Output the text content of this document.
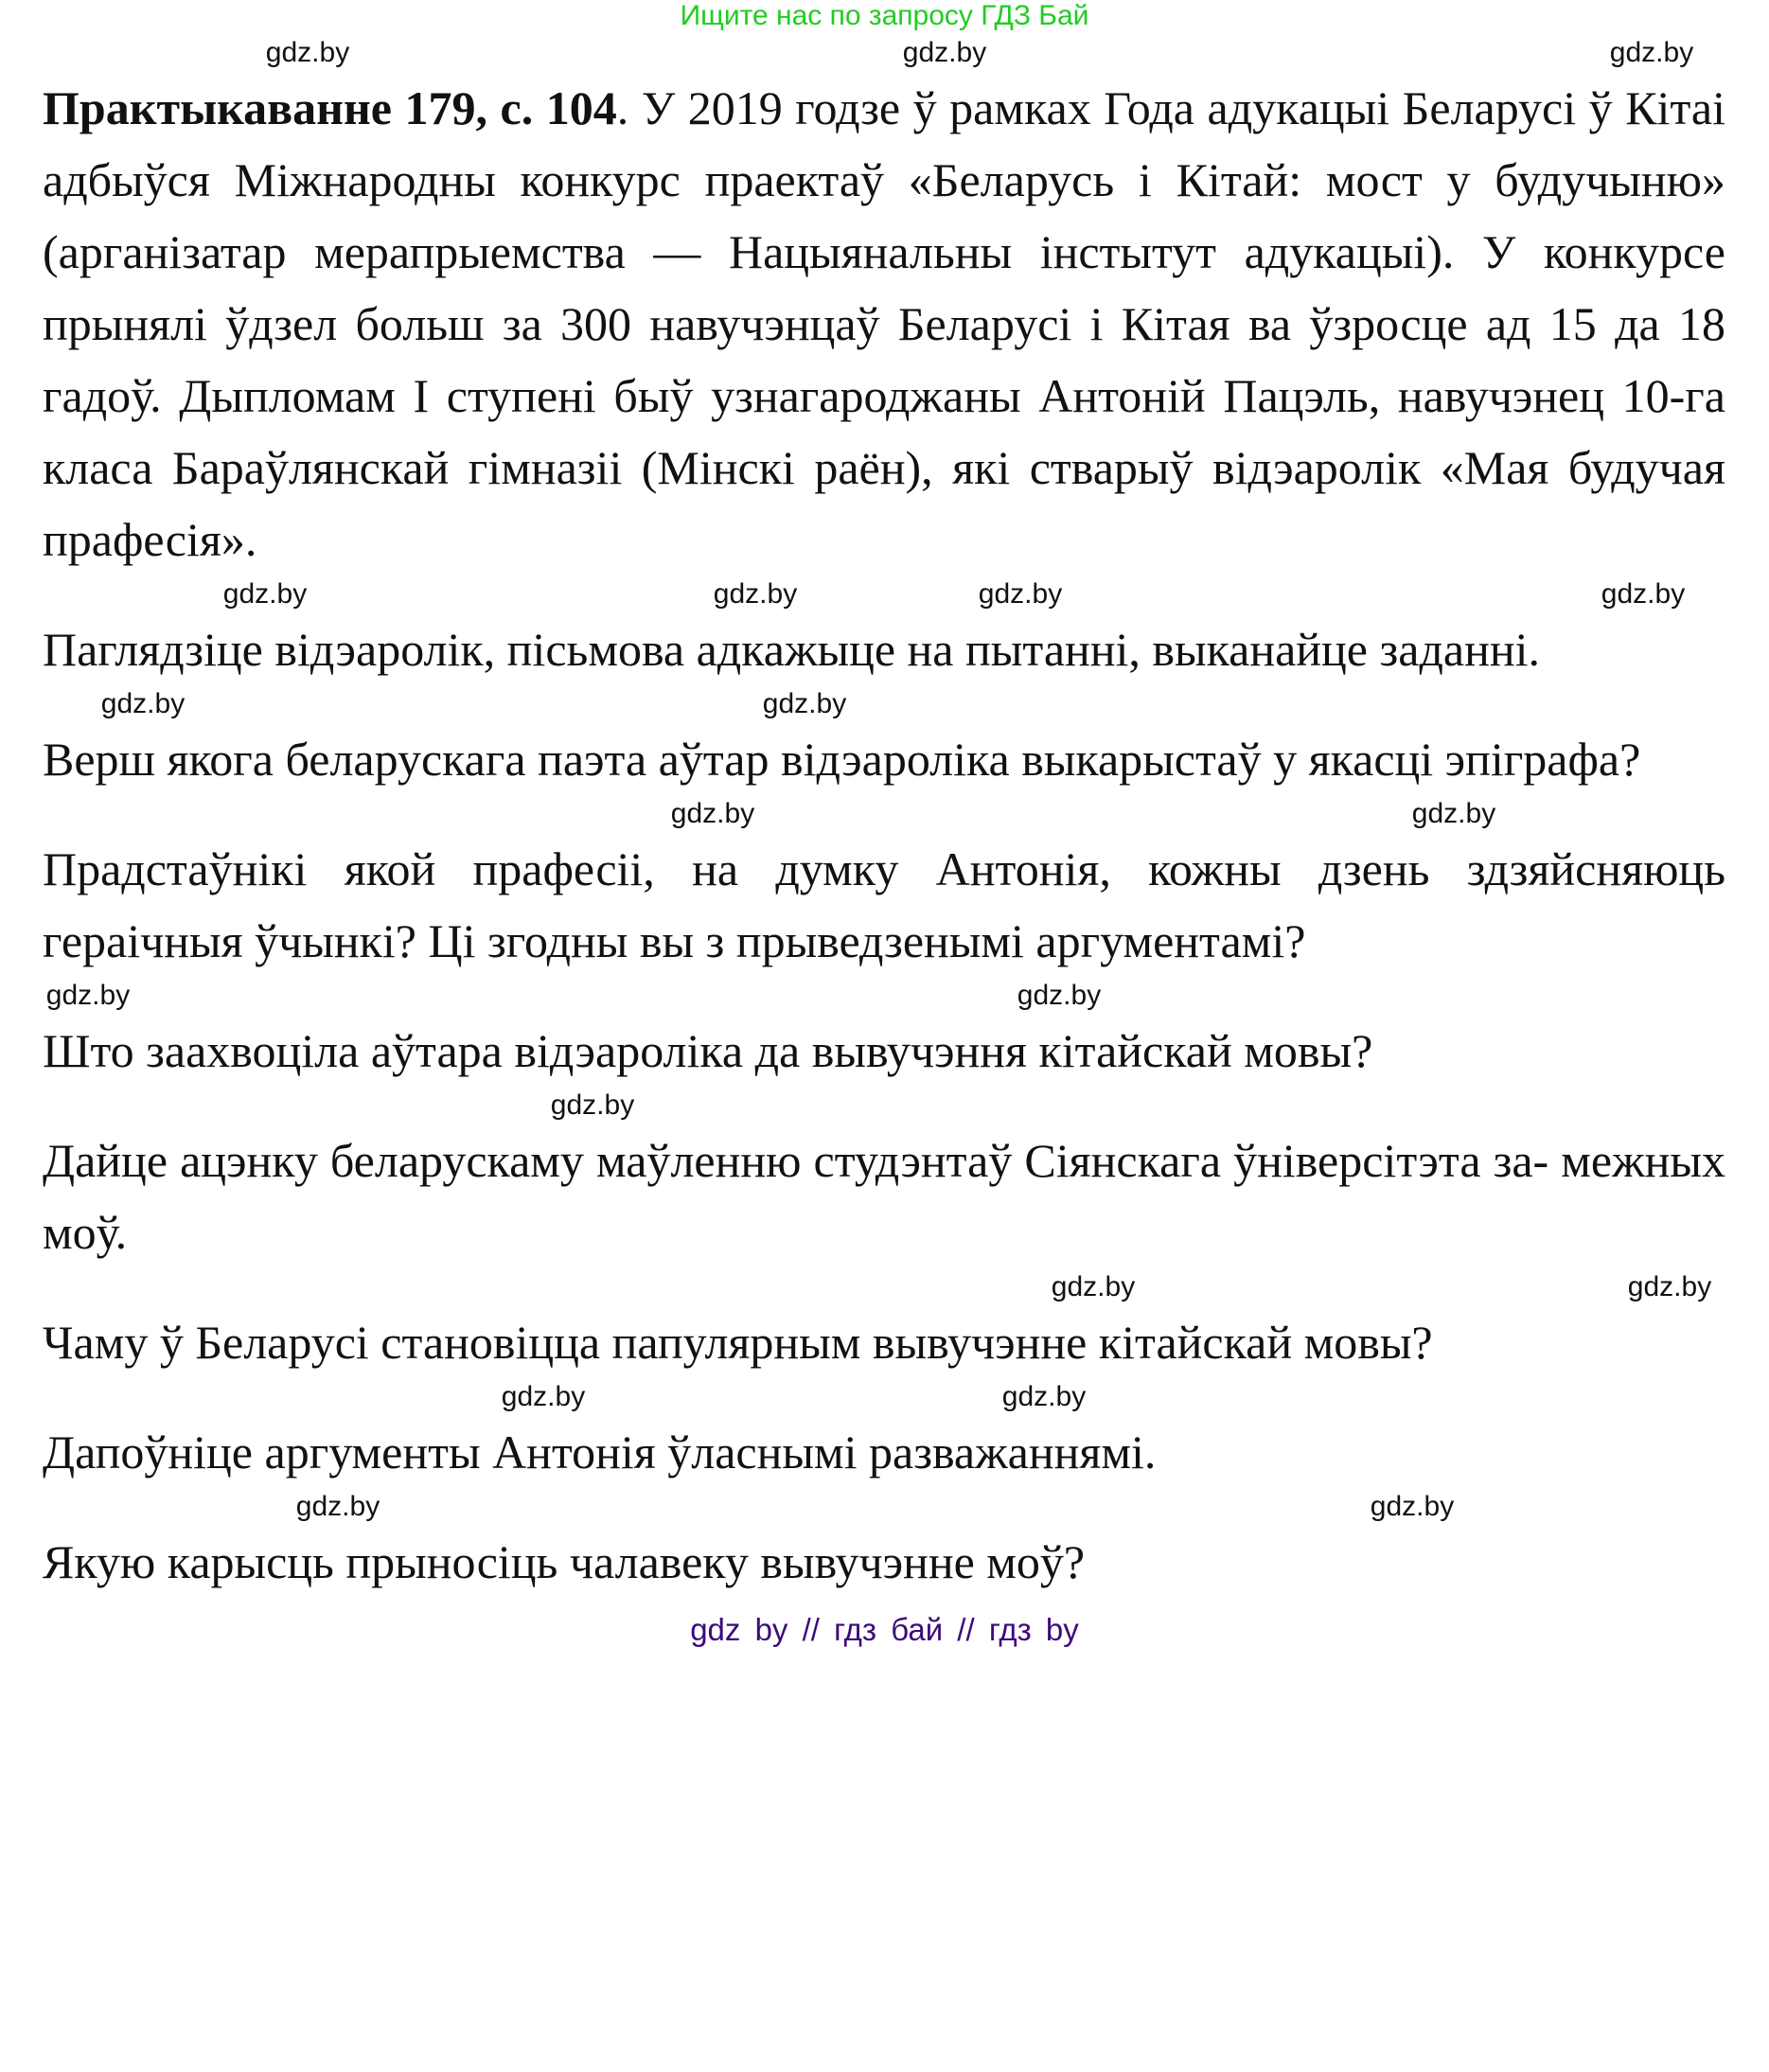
Ищите нас по запросу ГДЗ Бай
gdz.by	gdz.by	gdz.by

Практыкаванне 179, с. 104. У 2019 годзе ў рамках Года адукацыі Беларусі ў Кітаі адбыўся Міжнародны конкурс праектаў «Беларусь і Кітай: мост у будучыню» (арганізатар мерапрыемства — Нацыянальны інстытут адукацыі). У конкурсе прынялі ўдзел больш за 300 навучэнцаў Беларусі і Кітая ва ўзросце ад 15 да 18 гадоў. Дыпломам I ступені быў узнагароджаны Антоній Пацэль, навучэнец 10-га класа Бараўлянскай гімназіі (Мінскі раён), які стварыў відэаролік «Мая будучая прафесія».

gdz.by	gdz.by	gdz.by	gdz.by

Паглядзіце відэаролік, пісьмова адкажыце на пытанні, выканайце заданні.

gdz.by
gdz.by

Верш якога беларускага паэта аўтар відэароліка выкарыстаў у якасці эпіграфа?

gdz.by	gdz.by

Прадстаўнікі якой прафесіі, на думку Антонія, кожны дзень здзяйсняюць гераічныя ўчынкі? Ці згодны вы з прыведзенымі аргументамі?

gdz.by
gdz.by

Што заахвоціла аўтара відэароліка да вывучэння кітайскай мовы?

gdz.by

Дайце ацэнку беларускаму маўленню студэнтаў Сіянскага ўніверсітэта за- межных моў.

gdz.by
gdz.by

Чаму ў Беларусі становіцца папулярным вывучэнне кітайскай мовы?

gdz.by	gdz.by

Дапоўніце аргументы Антонія ўласнымі разважаннямі.

gdz.by
gdz.by

Якую карысць прыносіць чалавеку вывучэнне моў?

gdz by // гдз бай // гдз by
